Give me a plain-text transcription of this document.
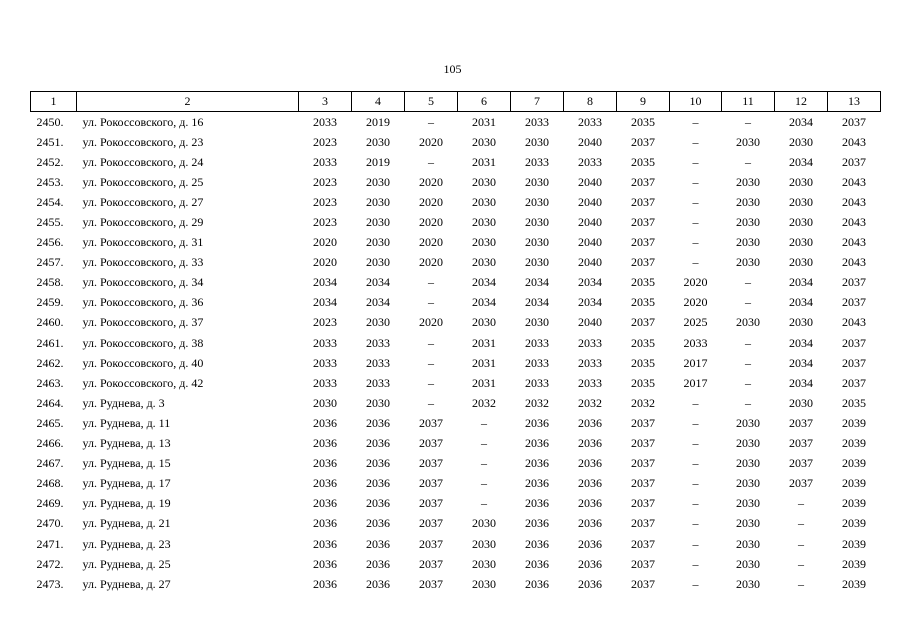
105
1	2	3	4	5	6	7	8	9	10	11	12	13
2450.	ул. Рокоссовского, д. 16	2033	2019	–	2031	2033	2033	2035	–	–	2034	2037
2451.	ул. Рокоссовского, д. 23	2023	2030	2020	2030	2030	2040	2037	–	2030	2030	2043
2452.	ул. Рокоссовского, д. 24	2033	2019	–	2031	2033	2033	2035	–	–	2034	2037
2453.	ул. Рокоссовского, д. 25	2023	2030	2020	2030	2030	2040	2037	–	2030	2030	2043
2454.	ул. Рокоссовского, д. 27	2023	2030	2020	2030	2030	2040	2037	–	2030	2030	2043
2455.	ул. Рокоссовского, д. 29	2023	2030	2020	2030	2030	2040	2037	–	2030	2030	2043
2456.	ул. Рокоссовского, д. 31	2020	2030	2020	2030	2030	2040	2037	–	2030	2030	2043
2457.	ул. Рокоссовского, д. 33	2020	2030	2020	2030	2030	2040	2037	–	2030	2030	2043
2458.	ул. Рокоссовского, д. 34	2034	2034	–	2034	2034	2034	2035	2020	–	2034	2037
2459.	ул. Рокоссовского, д. 36	2034	2034	–	2034	2034	2034	2035	2020	–	2034	2037
2460.	ул. Рокоссовского, д. 37	2023	2030	2020	2030	2030	2040	2037	2025	2030	2030	2043
2461.	ул. Рокоссовского, д. 38	2033	2033	–	2031	2033	2033	2035	2033	–	2034	2037
2462.	ул. Рокоссовского, д. 40	2033	2033	–	2031	2033	2033	2035	2017	–	2034	2037
2463.	ул. Рокоссовского, д. 42	2033	2033	–	2031	2033	2033	2035	2017	–	2034	2037
2464.	ул. Руднева, д. 3	2030	2030	–	2032	2032	2032	2032	–	–	2030	2035
2465.	ул. Руднева, д. 11	2036	2036	2037	–	2036	2036	2037	–	2030	2037	2039
2466.	ул. Руднева, д. 13	2036	2036	2037	–	2036	2036	2037	–	2030	2037	2039
2467.	ул. Руднева, д. 15	2036	2036	2037	–	2036	2036	2037	–	2030	2037	2039
2468.	ул. Руднева, д. 17	2036	2036	2037	–	2036	2036	2037	–	2030	2037	2039
2469.	ул. Руднева, д. 19	2036	2036	2037	–	2036	2036	2037	–	2030	–	2039
2470.	ул. Руднева, д. 21	2036	2036	2037	2030	2036	2036	2037	–	2030	–	2039
2471.	ул. Руднева, д. 23	2036	2036	2037	2030	2036	2036	2037	–	2030	–	2039
2472.	ул. Руднева, д. 25	2036	2036	2037	2030	2036	2036	2037	–	2030	–	2039
2473.	ул. Руднева, д. 27	2036	2036	2037	2030	2036	2036	2037	–	2030	–	2039
